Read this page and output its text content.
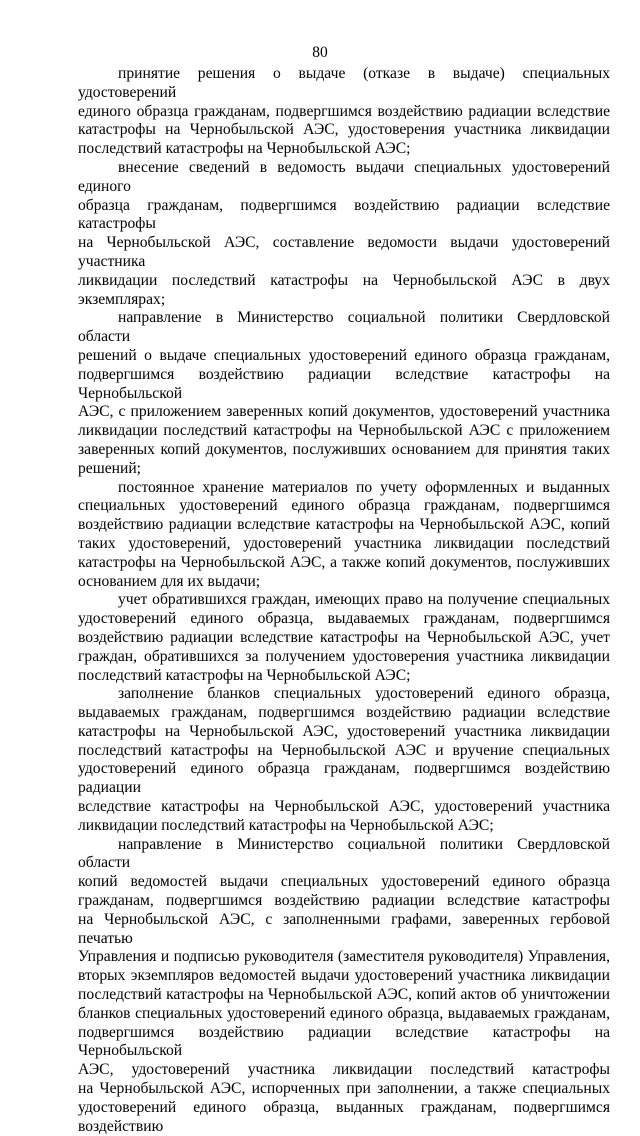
80
принятие решения о выдаче (отказе в выдаче) специальных удостоверений
единого образца гражданам, подвергшимся воздействию радиации вследствие
катастрофы на Чернобыльской АЭС, удостоверения участника ликвидации
последствий катастрофы на Чернобыльской АЭС;
внесение сведений в ведомость выдачи специальных удостоверений единого
образца гражданам, подвергшимся воздействию радиации вследствие катастрофы
на Чернобыльской АЭС, составление ведомости выдачи удостоверений участника
ликвидации последствий катастрофы на Чернобыльской АЭС в двух экземплярах;
направление в Министерство социальной политики Свердловской области
решений о выдаче специальных удостоверений единого образца гражданам,
подвергшимся воздействию радиации вследствие катастрофы на Чернобыльской
АЭС, с приложением заверенных копий документов, удостоверений участника
ликвидации последствий катастрофы на Чернобыльской АЭС с приложением
заверенных копий документов, послуживших основанием для принятия таких
решений;
постоянное хранение материалов по учету оформленных и выданных
специальных удостоверений единого образца гражданам, подвергшимся
воздействию радиации вследствие катастрофы на Чернобыльской АЭС, копий
таких удостоверений, удостоверений участника ликвидации последствий
катастрофы на Чернобыльской АЭС, а также копий документов, послуживших
основанием для их выдачи;
учет обратившихся граждан, имеющих право на получение специальных
удостоверений единого образца, выдаваемых гражданам, подвергшимся
воздействию радиации вследствие катастрофы на Чернобыльской АЭС, учет
граждан, обратившихся за получением удостоверения участника ликвидации
последствий катастрофы на Чернобыльской АЭС;
заполнение бланков специальных удостоверений единого образца,
выдаваемых гражданам, подвергшимся воздействию радиации вследствие
катастрофы на Чернобыльской АЭС, удостоверений участника ликвидации
последствий катастрофы на Чернобыльской АЭС и вручение специальных
удостоверений единого образца гражданам, подвергшимся воздействию радиации
вследствие катастрофы на Чернобыльской АЭС, удостоверений участника
ликвидации последствий катастрофы на Чернобыльской АЭС;
направление в Министерство социальной политики Свердловской области
копий ведомостей выдачи специальных удостоверений единого образца
гражданам, подвергшимся воздействию радиации вследствие катастрофы
на Чернобыльской АЭС, с заполненными графами, заверенных гербовой печатью
Управления и подписью руководителя (заместителя руководителя) Управления,
вторых экземпляров ведомостей выдачи удостоверений участника ликвидации
последствий катастрофы на Чернобыльской АЭС, копий актов об уничтожении
бланков специальных удостоверений единого образца, выдаваемых гражданам,
подвергшимся воздействию радиации вследствие катастрофы на Чернобыльской
АЭС, удостоверений участника ликвидации последствий катастрофы
на Чернобыльской АЭС, испорченных при заполнении, а также специальных
удостоверений единого образца, выданных гражданам, подвергшимся воздействию
